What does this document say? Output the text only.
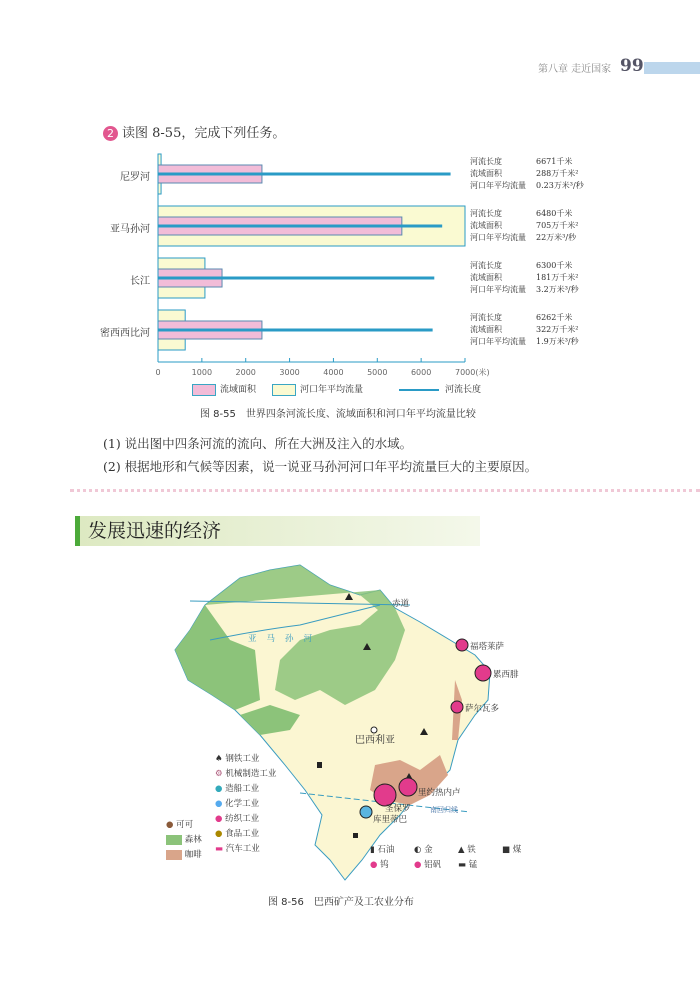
第八章 走近国家 99
2 读图 8-55，完成下列任务。
尼罗河
亚马孙河
长江
密西西比河
0	1000	2000	3000	4000	5000	6000	7000(米)
河流长度	6671千米
流域面积	288万千米²
河口年平均流量 0.23万米³/秒
河流长度	6480千米
流域面积	705万千米²
河口年平均流量 22万米³/秒
河流长度	6300千米
流域面积	181万千米²
河口年平均流量 3.2万米³/秒
河流长度	6262千米
流域面积	322万千米²
河口年平均流量 1.9万米³/秒
流域面积	河口年平均流量	河流长度
图 8-55　世界四条河流长度、流域面积和河口年平均流量比较
(1) 说出图中四条河流的流向、所在大洲及注入的水域。
(2) 根据地形和气候等因素，说一说亚马孙河河口年平均流量巨大的主要原因。
发展迅速的经济
赤道
亚马孙河
福塔莱萨
累西腓
萨尔瓦多
巴西利亚
里约热内卢
圣保罗
库里蒂巴
南回归线
♠ 钢铁工业
⚙ 机械制造工业
● 造船工业
● 化学工业
● 纺织工业
● 食品工业
▬ 汽车工业
● 可可
森林
咖啡	▮ 石油	◐ 金	▲ 铁	■ 煤
● 钨	● 铝矾	▬ 锰
图 8-56　巴西矿产及工农业分布
